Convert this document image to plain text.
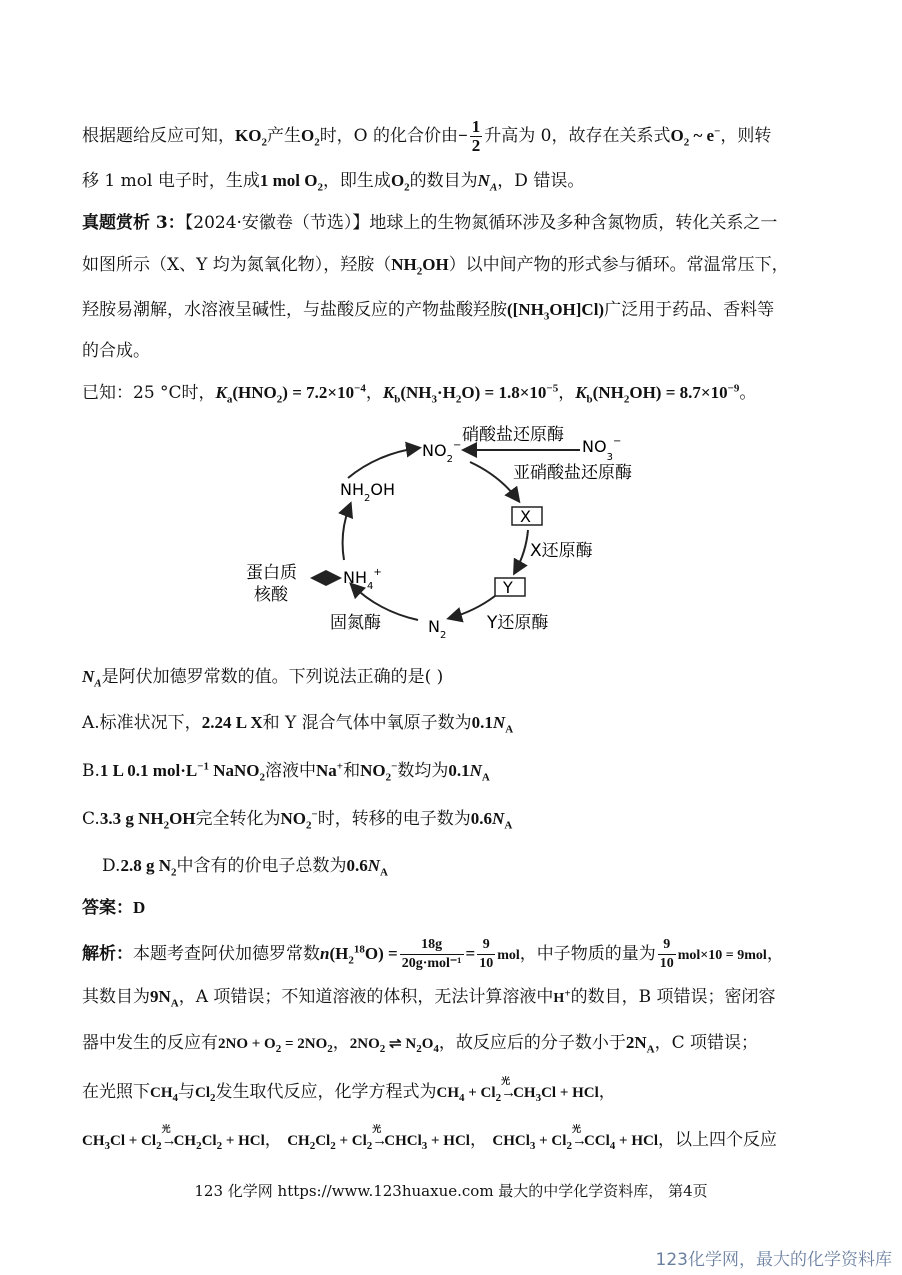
根据题给反应可知，$KO_2$产生$O_2$时，O 的化合价由− $\frac{1}{2}$ 升高为 0，故存在关系式$O_2$ ~ e−，则转
移 1 mol 电子时，生成1 mol $O_2$，即生成$O_2$的数目为$N_A$，D 错误。
真题赏析 3：【2024·安徽卷（节选）】地球上的生物氮循环涉及多种含氮物质，转化关系之一
如图所示（X、Y 均为氮氧化物），羟胺$(NH_2OH)$以中间产物的形式参与循环。常温常压下，
羟胺易潮解，水溶液呈碱性，与盐酸反应的产物盐酸羟胺$([NH_3OH]Cl)$广泛用于药品、香料等
的合成。
已知：25 °C时，$K_a(HNO_2) = 7.2\times 10^{-4}$，$K_b(NH_3\cdot H_2O) = 1.8\times 10^{-5}$，$K_b(NH_2OH) = 8.7\times 10^{-9}$。
$NO_2^-$	$NO_3^-$
硝酸盐还原酶
亚硝酸盐还原酶
X
X还原酶
Y
Y还原酶
$N_2$
固氮酶
$NH_4^+$
$NH_2OH$
蛋白质
核酸
$N_A$是阿伏加德罗常数的值。下列说法正确的是( )
A.标准状况下，2.24 L X和 Y 混合气体中氧原子数为$0.1N_A$
B.1 L 0.1 $mol\cdot L^{-1}$ NaNO$_2$溶液中Na+和$NO_2^-$数均为$0.1N_A$
C.3.3 g $NH_2OH$完全转化为$NO_2^-$时，转移的电子数为$0.6N_A$
D.2.8 g $N_2$中含有的价电子总数为$0.6N_A$
答案：D
解析：本题考查阿伏加德罗常数$n(H_2^{18}O) = \frac{18g}{\text{20g·mol⁻¹}} = \frac{9}{10}$ mol，中子物质的量为 $\frac{9}{10} mol\times 10 = 9mol$，
其数目为$9N_A$，A 项错误；不知道溶液的体积，无法计算溶液中H+的数目，B 项错误；密闭容
器中发生的反应有$2NO + O_2 = 2NO_2$，$2NO_2$ ⇌ $N_2O_4$，故反应后的分子数小于$2N_A$，C 项错误；
在光照下$CH_4$与$Cl_2$发生取代反应，化学方程式为$CH_4 + Cl_2\to$
光
$CH_3Cl$ + HCl，
$CH_3Cl + Cl_2\to$
光
$CH_2Cl_2$ + HCl， $CH_2Cl_2 + Cl_2\to$
光
CHCl$_3$ + HCl， CHCl$_3$ + $Cl_2\to$
光
CCl$_4$ + HCl，以上四个反应
123 化学网 https://www.123huaxue.com 最大的中学化学资料库， 第4页
123化学网，最大的化学资料库
